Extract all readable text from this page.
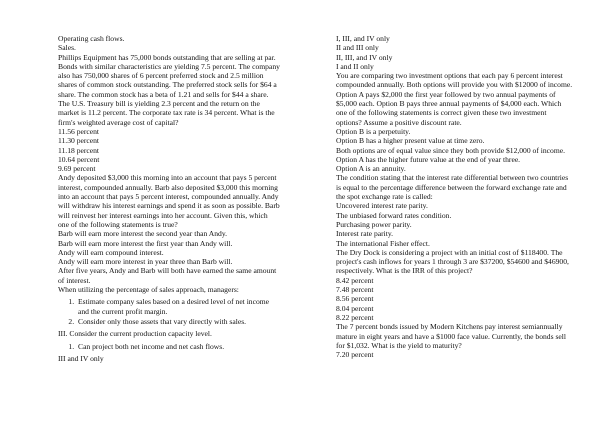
Operating cash flows.

Sales.

Phillips Equipment has 75,000 bonds outstanding that are selling at par. Bonds with similar characteristics are yielding 7.5 percent. The company also has 750,000 shares of 6 percent preferred stock and 2.5 million shares of common stock outstanding. The preferred stock sells for $64 a share. The common stock has a beta of 1.21 and sells for $44 a share. The U.S. Treasury bill is yielding 2.3 percent and the return on the market is 11.2 percent. The corporate tax rate is 34 percent. What is the firm's weighted average cost of capital?

11.56 percent

11.30 percent

11.18 percent

10.64 percent

9.69 percent

Andy deposited $3,000 this morning into an account that pays 5 percent interest, compounded annually. Barb also deposited $3,000 this morning into an account that pays 5 percent interest, compounded annually. Andy will withdraw his interest earnings and spend it as soon as possible. Barb will reinvest her interest earnings into her account. Given this, which one of the following statements is true?

Barb will earn more interest the second year than Andy.

Barb will earn more interest the first year than Andy will.

Andy will earn compound interest.

Andy will earn more interest in year three than Barb will.

After five years, Andy and Barb will both have earned the same amount of interest.

When utilizing the percentage of sales approach, managers:

1. Estimate company sales based on a desired level of net income and the current profit margin.
2. Consider only those assets that vary directly with sales.

III. Consider the current production capacity level.

1. Can project both net income and net cash flows.

III and IV only

I, III, and IV only

II and III only

II, III, and IV only

I and II only

You are comparing two investment options that each pay 6 percent interest compounded annually. Both options will provide you with $12000 of income. Option A pays $2,000 the first year followed by two annual payments of $5,000 each. Option B pays three annual payments of $4,000 each. Which one of the following statements is correct given these two investment options? Assume a positive discount rate.

Option B is a perpetuity.

Option B has a higher present value at time zero.

Both options are of equal value since they both provide $12,000 of income.

Option A has the higher future value at the end of year three.

Option A is an annuity.

The condition stating that the interest rate differential between two countries is equal to the percentage difference between the forward exchange rate and the spot exchange rate is called:

Uncovered interest rate parity.

The unbiased forward rates condition.

Purchasing power parity.

Interest rate parity.

The international Fisher effect.

The Dry Dock is considering a project with an initial cost of $118400. The project's cash inflows for years 1 through 3 are $37200, $54600 and $46900, respectively. What is the IRR of this project?

8.42 percent

7.48 percent

8.56 percent

8.04 percent

8.22 percent

The 7 percent bonds issued by Modern Kitchens pay interest semiannually mature in eight years and have a $1000 face value. Currently, the bonds sell for $1,032. What is the yield to maturity?

7.20 percent
